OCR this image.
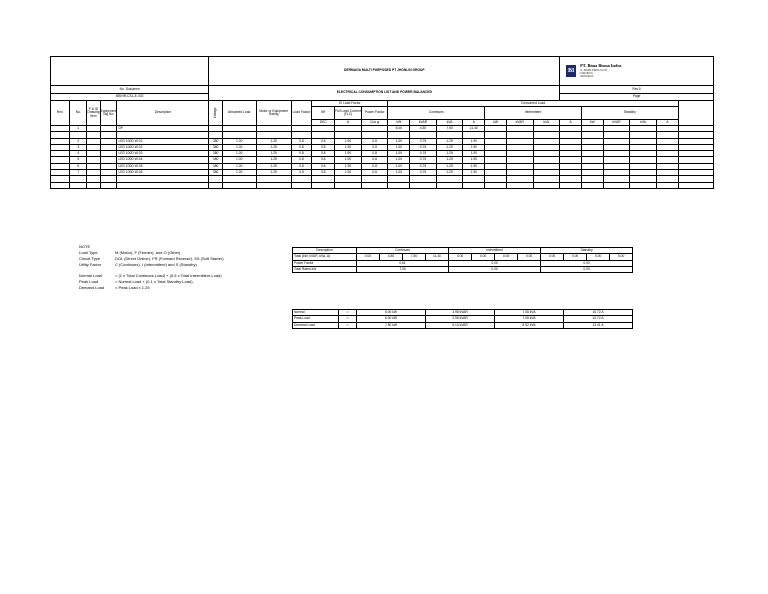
					DERMAGA MULTI PURPOSED PT JHONLIN GROUP														BI
PT. Bima Bisma Indra
JL. BISMA INDRA NO.39
SURABAYA
INDONESIA					

No. Dokumen					ELECTRICAL CONSUMPTION LIST AND POWER BALANCED														Rev.0					
BBHIR-CSL-E-002																			Page					
Rev.	No.	P & ID Drawing Item	Equipment Tag No.	Description	Voltage	Absorbed Load	Motor or Equipment Rating	Load Factor	El Load Factor			Consumed Load												
									Eff	Full Load Current (FLC)	Power Factor	Continues				Intermittent				Standby				
									DEC	A	Cos φ	kW	kVAR	kVA	A	kW	kVAR	kVA	A	kW	kVAR	kVA	A	
	1			DP								6.00	4.50	7.50	11.40									

	2			LED 100D W-01	380	1.00	1.25	0.8	0.8	1.90	0.8	1.00	0.75	1.25	1.90									
	3			LED 100D W-02	380	1.00	1.25	0.8	0.8	1.90	0.8	1.00	0.75	1.25	1.90									
	4			LED 100D W-03	380	1.00	1.25	0.8	0.8	1.90	0.8	1.00	0.75	1.25	1.90									
	5			LED 100D W-04	380	1.00	1.25	0.8	0.8	1.90	0.8	1.00	0.75	1.25	1.90									
	6			LED 100D W-05	380	1.00	1.25	0.8	0.8	1.90	0.8	1.00	0.75	1.25	1.90									
	7			LED 100D W-06	380	1.00	1.25	0.8	0.8	1.90	0.8	1.00	0.75	1.25	1.90									

NOTE
Load Type	M (Motor), F (Feeder), and O (Other)
Circuit Type	DOL (Direct Online), FR (Forward Reverse), SS (Soft Starter)
Utility Factor	C (Continues), I (Intermittent) and S (Standby)
Normal Load	= (1 x Total Continues Load) + (0.5 x Total Intermittent Load)
Peak Load	= Normal Load + (0.1 x Total Standby Load)
Demand Load	= Peak Load x 1.25
Description	Continues				Intermittent				Standby			
Total (kW, kVAR, kVA, A)	0.00	4.50	7.50	11.40	0.00	0.00	0.00	0.00	0.00	0.00	0.00	0.00
Power Factor	0.81				0.00				0.00			
Total Rated kW	7.00				0.00				0.00			
Normal	=	6.00 kW	3.98 kVAR	7.08 kVA	10.72 A
Peak Load	=	6.00 kW	3.98 kVAR	7.08 kVA	10.72 A
Demand Load	=	7.50 kW	5.10 kVAR	8.92 kVA	13.41 A
